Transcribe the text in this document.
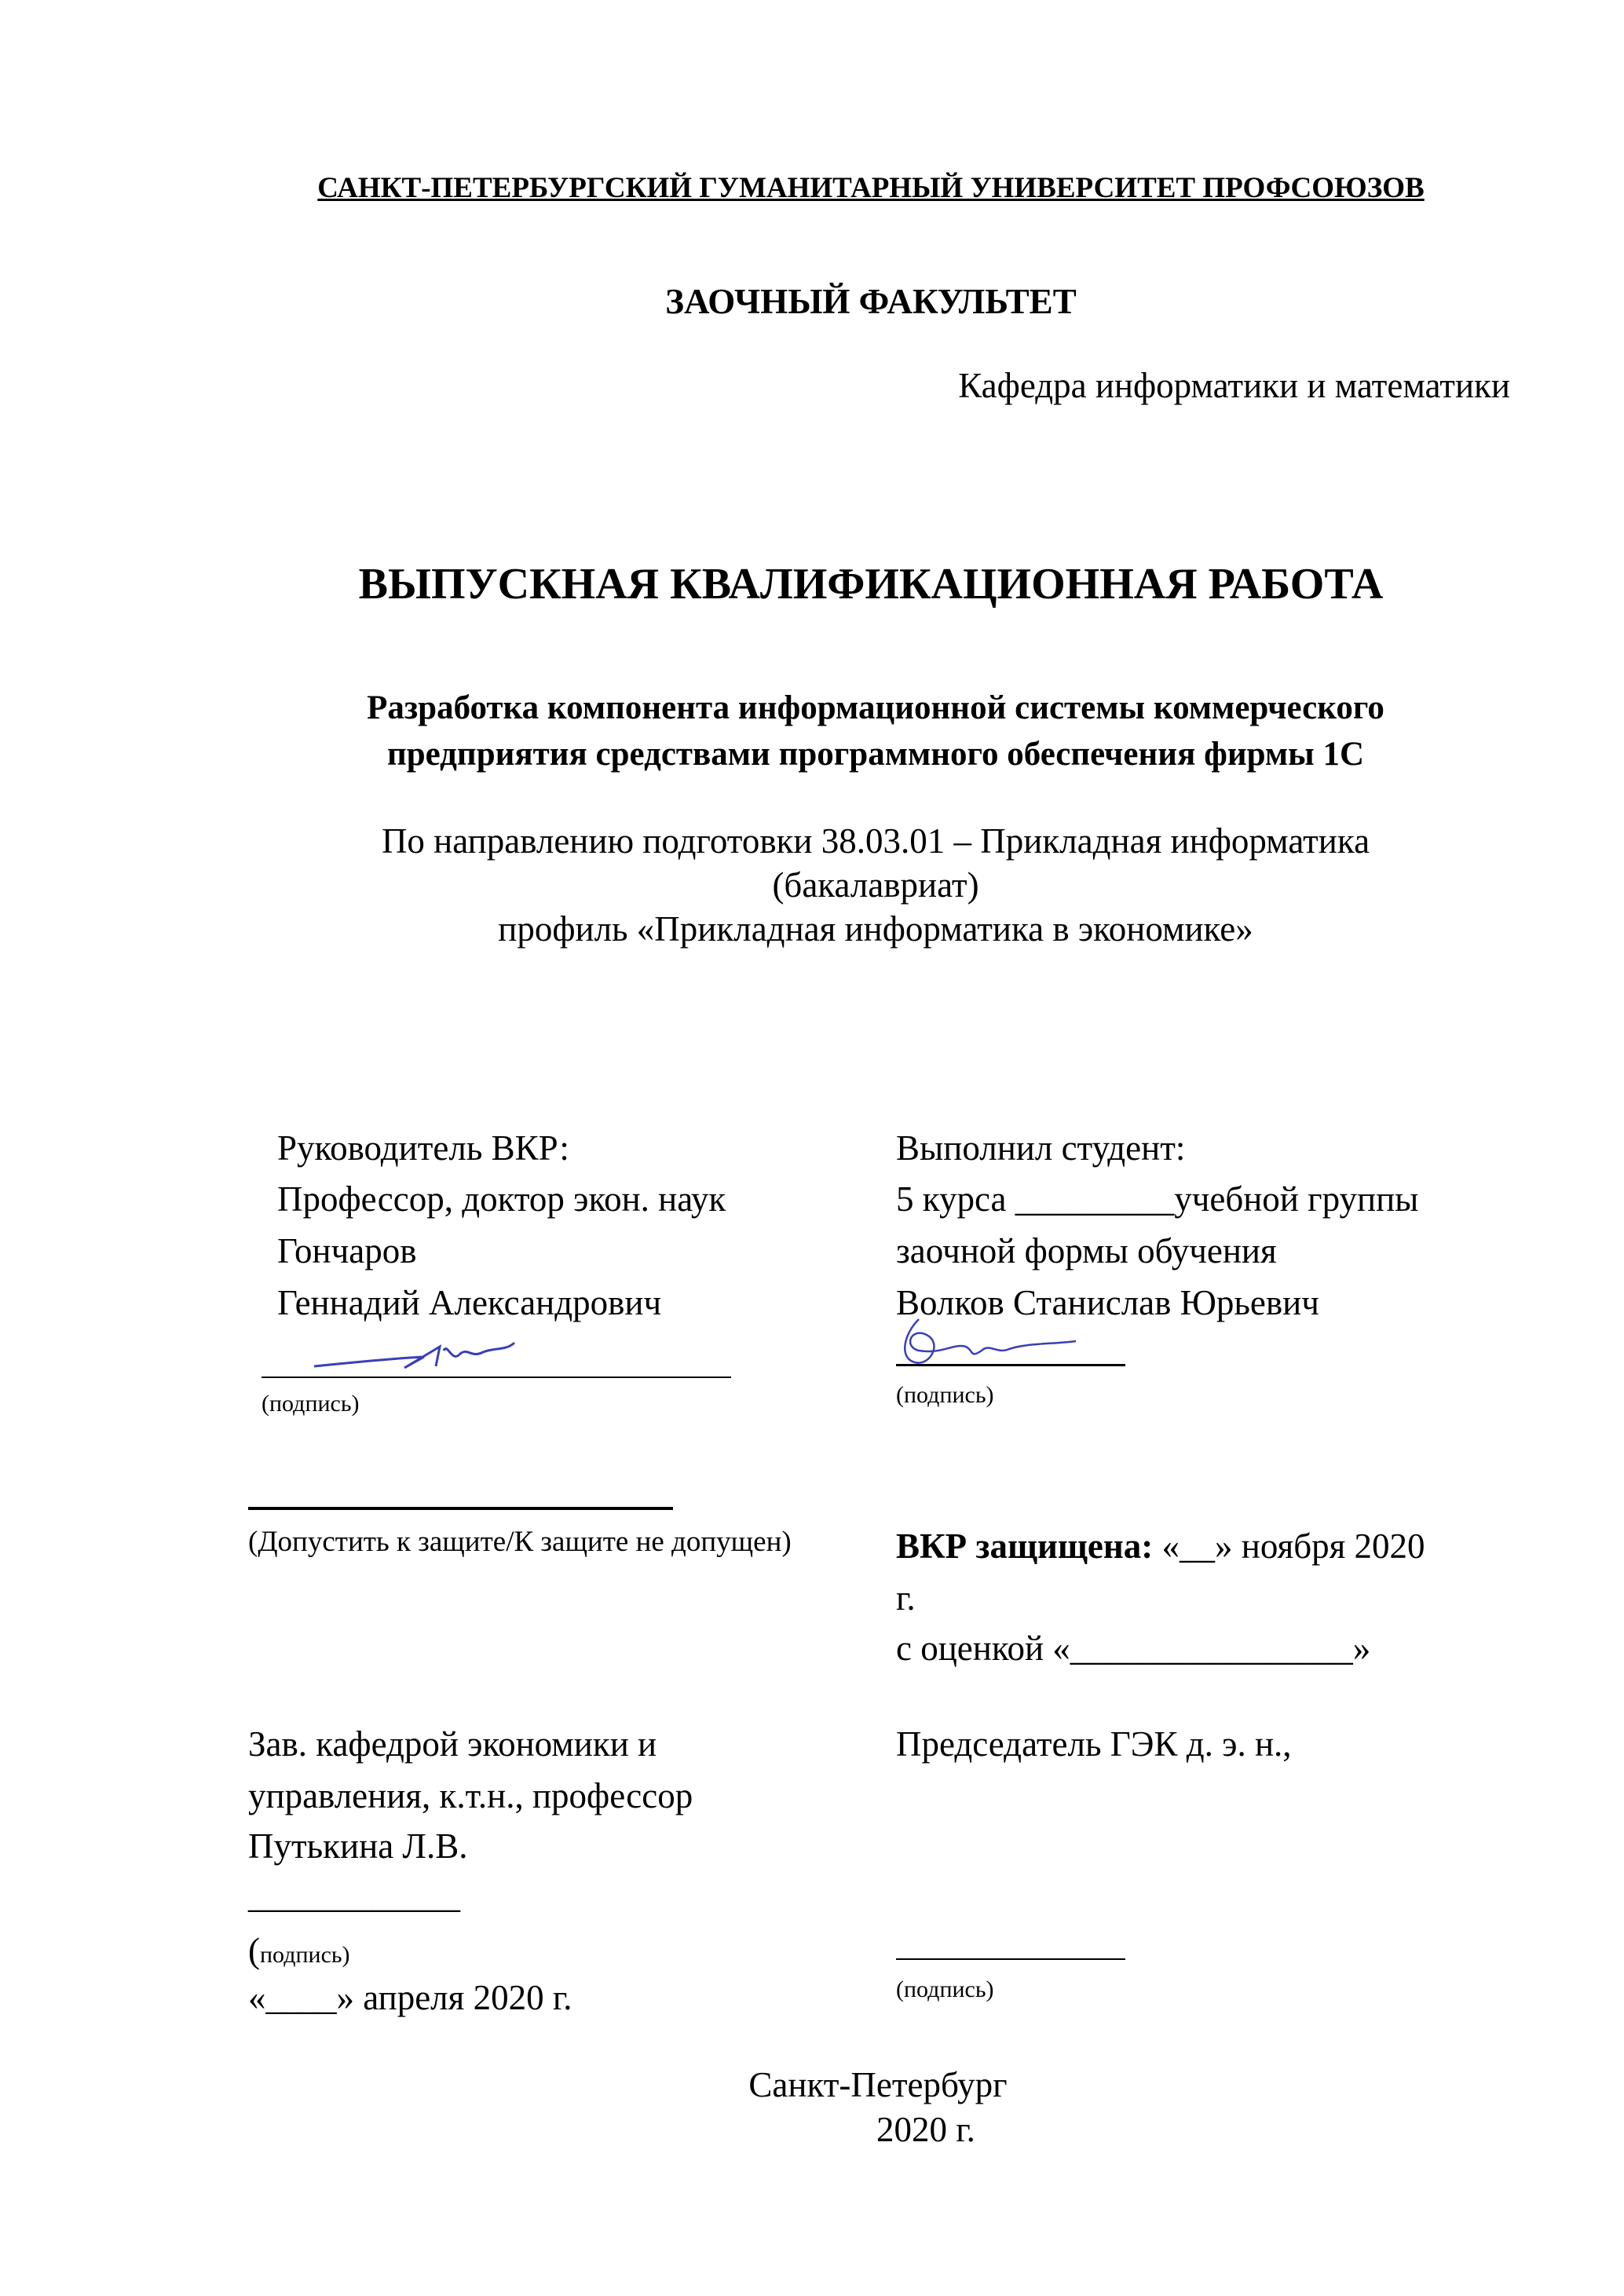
САНКТ-ПЕТЕРБУРГСКИЙ ГУМАНИТАРНЫЙ УНИВЕРСИТЕТ ПРОФСОЮЗОВ
ЗАОЧНЫЙ ФАКУЛЬТЕТ
Кафедра информатики и математики
ВЫПУСКНАЯ КВАЛИФИКАЦИОННАЯ РАБОТА
Разработка компонента информационной системы коммерческого
предприятия средствами программного обеспечения фирмы 1С
По направлению подготовки 38.03.01 – Прикладная информатика
(бакалавриат)
профиль «Прикладная информатика в экономике»
Руководитель ВКР:
Профессор, доктор экон. наук
Гончаров
Геннадий Александрович
(подпись)
Выполнил студент:
5 курса _________учебной группы
заочной формы обучения
Волков Станислав Юрьевич
(подпись)
(Допустить к защите/К защите не допущен)	ВКР защищена: «__» ноября 2020
г.
с оценкой «________________»
Зав. кафедрой экономики и
управления, к.т.н., профессор
Путькина Л.В.
____________
(подпись)
«____» апреля 2020 г.
Председатель ГЭК д. э. н.,
(подпись)
Санкт-Петербург
2020 г.
